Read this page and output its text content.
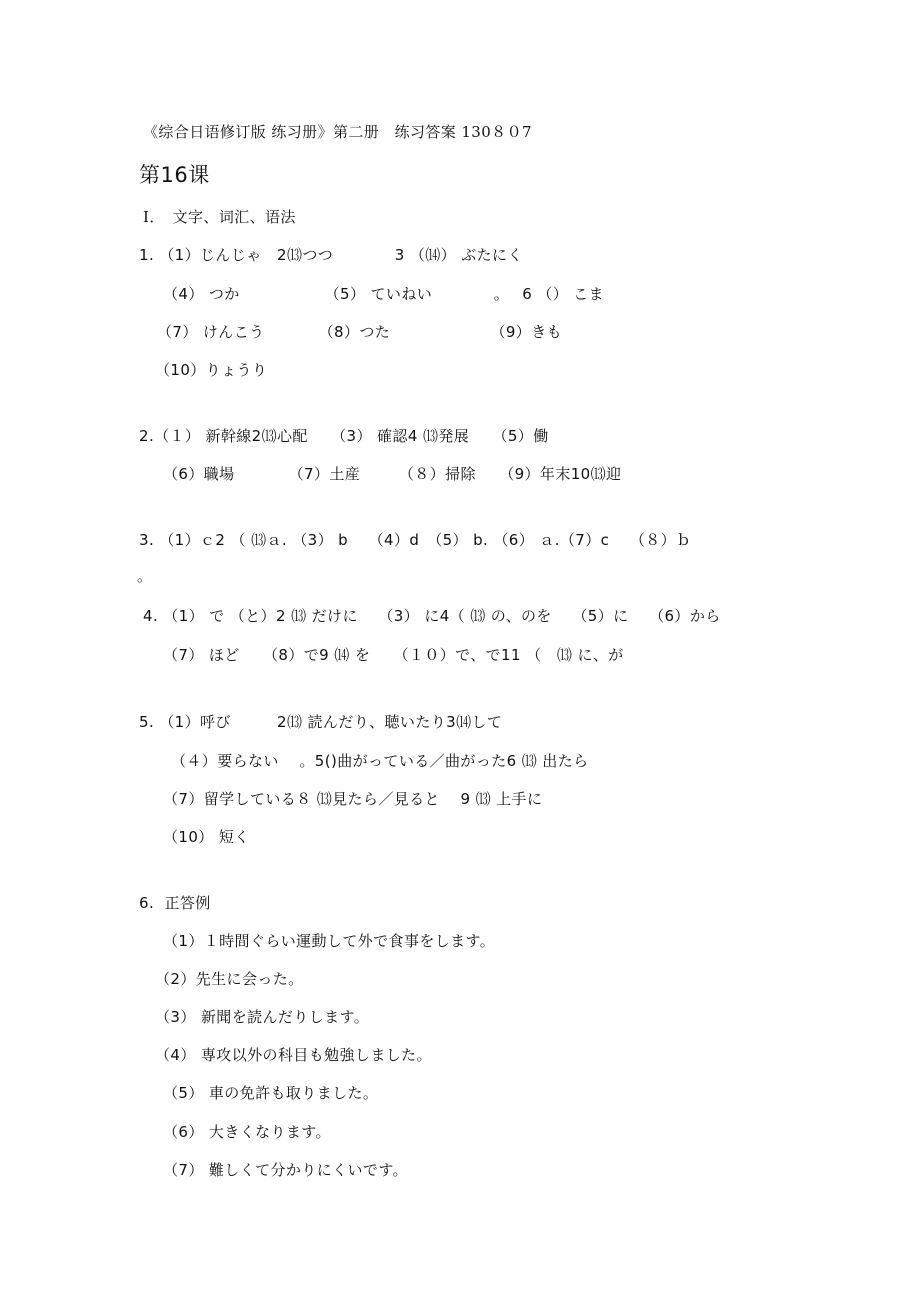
《综合日语修订版 练习册》第二册　练习答案 130８０7
第16课
Ⅰ．　文字、词汇、语法
1. （1）じんじゃ　2⒀つつ　　　　3 （⒁） ぶたにく
（4） つか　　　　　　（5） ていねい　　　　。　 6 （） こま
（7） けんこう　　　　（8）つた　　　　　　　（9）きも
（10）りょうり
2.（１） 新幹線2⒀心配　　（3） 確認4 ⒀発展　　（5）働
（6）職場　　　　（7）土産　　　（８）掃除　　（9）年末10⒀迎
3. （1）ｃ2 （ ⒀ａ. （3） b　 （4）d　（5） b. （6） ａ.（7）c　 （８）ｂ
。
4. （1） で （と）2 ⒀ だけに　 （3） に4（ ⒀ の、のを　 （5）に　 （6）から
（7） ほど　　（8）で9 ⒁ を　　（１０）で、で11 （　⒀ に、が
5. （1）呼び　　　2⒀ 読んだり、聴いたり3⒁して
（４）要らない　 。5()曲がっている／曲がった6 ⒀ 出たら
（7）留学している８ ⒀見たら／見ると　 9 ⒀ 上手に
（10） 短く
6.  正答例
（1）１時間ぐらい運動して外で食事をします。
（2）先生に会った。
（3） 新聞を読んだりします。
（4） 専攻以外の科目も勉強しました。
（5） 車の免許も取りました。
（6） 大きくなります。
（7） 難しくて分かりにくいです。
